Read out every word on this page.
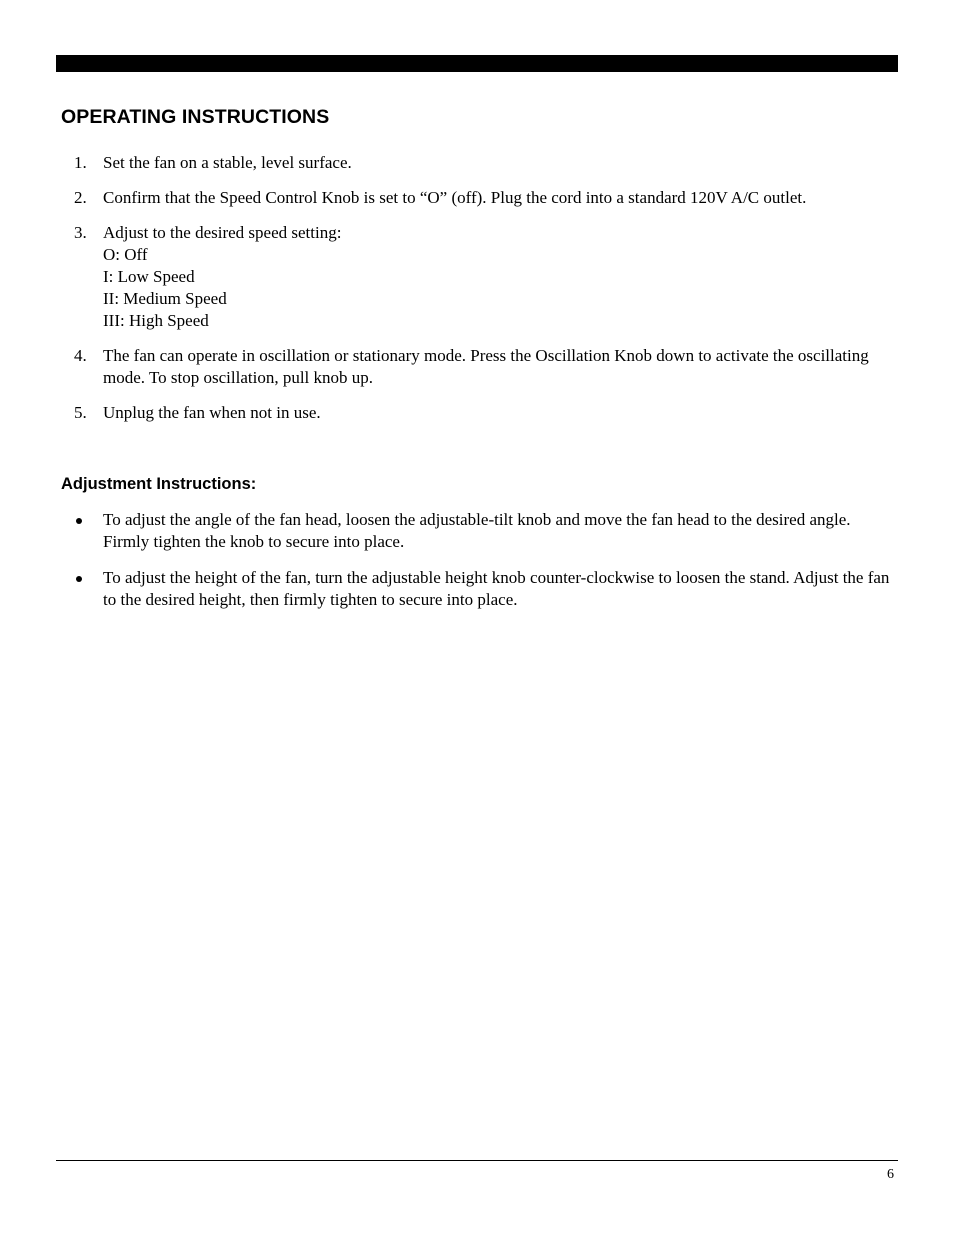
OPERATING INSTRUCTIONS
1. Set the fan on a stable, level surface.
2. Confirm that the Speed Control Knob is set to “O” (off). Plug the cord into a standard 120V A/C outlet.
3. Adjust to the desired speed setting:
O: Off
I: Low Speed
II: Medium Speed
III: High Speed
4. The fan can operate in oscillation or stationary mode. Press the Oscillation Knob down to activate the oscillating mode. To stop oscillation, pull knob up.
5. Unplug the fan when not in use.
Adjustment Instructions:
To adjust the angle of the fan head, loosen the adjustable-tilt knob and move the fan head to the desired angle. Firmly tighten the knob to secure into place.
To adjust the height of the fan, turn the adjustable height knob counter-clockwise to loosen the stand. Adjust the fan to the desired height, then firmly tighten to secure into place.
6
